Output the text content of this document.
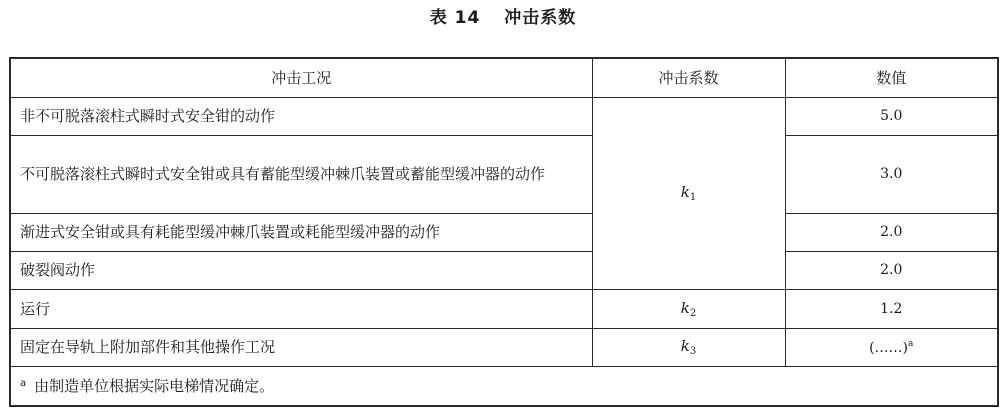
表 14 冲击系数
冲击工况	冲击系数	数值
非不可脱落滚柱式瞬时式安全钳的动作	$k_1$	5.0
不可脱落滚柱式瞬时式安全钳或具有蓄能型缓冲棘爪装置或蓄能型缓冲器的动作		3.0
渐进式安全钳或具有耗能型缓冲棘爪装置或耗能型缓冲器的动作		2.0
破裂阀动作		2.0
运行	$k_2$	1.2
固定在导轨上附加部件和其他操作工况	$k_3$	(……)$^a$
$^a$ 由制造单位根据实际电梯情况确定。		
